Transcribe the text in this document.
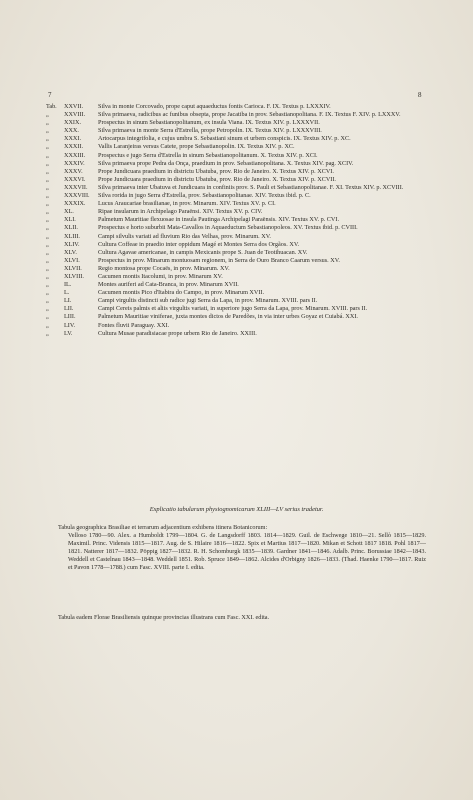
7	8
Tab.	XXVII.	Silva in monte Corcovado, prope caput aquaeductus fontis Carioca. F. IX. Textus p. LXXXIV.
„	XXVIII.	Silva primaeva, radicibus ac funibus obsepta, prope Jacatiba in prov. Sebastianopolitana. F. IX. Textus F. XIV. p. LXXXV.
„	XXIX.	Prospectus in sinum Sebastianopolitanum, ex insula Viana. IX. Textus XIV. p. LXXXVII.
„	XXX.	Silva primaeva in monte Serra d'Estrella, prope Petropolin. IX. Textus XIV. p. LXXXVIII.
„	XXXI.	Artocarpus integrifolia, e cujus umbra S. Sebastiani sinum et urbem conspicis. IX. Textus XIV. p. XC.
„	XXXII.	Vallis Laranjeiras versus Catete, prope Sebastianopolin. IX. Textus XIV. p. XC.
„	XXXIII.	Prospectus e jugo Serra d'Estrella in sinum Sebastianopolitanum. X. Textus XIV. p. XCI.
„	XXXIV.	Silva primaeva prope Pedra da Onça, praedium in prov. Sebastianopolitana. X. Textus XIV. pag. XCIV.
„	XXXV.	Prope Jundicuara praedium in districtu Ubatuba, prov. Rio de Janeiro. X. Textus XIV. p. XCVI.
„	XXXVI.	Prope Jundicuara praedium in districtu Ubatuba, prov. Rio de Janeiro. X. Textus XIV. p. XCVII.
„	XXXVII.	Silva primaeva inter Ubatuva et Jundicuara in confiniis prov. S. Pauli et Sebastianopolitanae. F. XI. Textus XIV. p. XCVIII.
„	XXXVIII.	Silva rorida in jugo Serra d'Estrella, prov. Sebastianopolitanae. XIV. Textus ibid. p. C.
„	XXXIX.	Lucus Araucariae brasilianae, in prov. Minarum. XIV. Textus XV. p. CI.
„	XL.	Ripae insularum in Archipelago Paraënsi. XIV. Textus XV. p. CIV.
„	XLI.	Palmetum Mauritiae flexuosae in insula Pautinga Archipelagi Paraënsis. XIV. Textus XV. p. CVI.
„	XLII.	Prospectus e horto suburbii Mata-Cavallos in Aquaeductum Sebastianopoleos. XV. Textus ibid. p. CVIII.
„	XLIII.	Campi silvulis variati ad fluvium Rio das Velhas, prov. Minarum. XV.
„	XLIV.	Cultura Coffeae in praedio inter oppidum Magé et Montes Serra dos Orgãos. XV.
„	XLV.	Cultura Agavae americanae, in campis Mexicanis prope S. Juan de Teotihuacan. XV.
„	XLVI.	Prospectus in prov. Minarum montuosam regionem, in Serra de Ouro Branco Caarum versus. XV.
„	XLVII.	Regio montosa prope Cocaës, in prov. Minarum. XV.
„	XLVIII.	Cacumen montis Itacolumi, in prov. Minarum XV.
„	IL.	Montes auriferi ad Cata-Branca, in prov. Minarum XVII.
„	L.	Cacumen montis Pico d'Itabira do Campo, in prov. Minarum XVII.
„	LI.	Campi virgultis distincti sub radice jugi Serra da Lapa, in prov. Minarum. XVIII. pars II.
„	LII.	Campi Cereis palmis et aliis virgultis variati, in superiore jugo Serra da Lapa, prov. Minarum. XVIII. pars II.
„	LIII.	Palmetum Mauritiae viniferae, juxta montes dictos de Paredões, in via inter urbes Goyaz et Cuiabá. XXI.
„	LIV.	Fontes fluvii Paraguay. XXI.
„	LV.	Cultura Musae paradisiacae prope urbem Rio de Janeiro. XXIII.
Explicatio tabularum physiognomicarum XLIII—LV serius tradetur.
Tabula geographica Brasiliae et terrarum adjacentium exhibens itinera Botanicorum:
Velloso 1780—90. Alex. a Humboldt 1799—1804. G. de Langsdorff 1803. 1814—1829. Guil. de Eschwege 1810—21. Sellò 1815—1829. Maximil. Princ. Vidensis 1815—1817. Aug. de S. Hilaire 1816—1822. Spix et Martius 1817—1820. Mikan et Schott 1817 1818. Pohl 1817—1821. Natterer 1817—1832. Pöppig 1827—1832. R. H. Schomburgk 1835—1839. Gardner 1841—1846. Adalb. Princ. Borussiae 1842—1843. Weddell et Castelnau 1843—1848. Weddell 1851. Rob. Spruce 1849—1862. Alcides d'Orbigny 1826—1833. (Thad. Haenke 1790—1817. Ruiz et Pavon 1778—1788.) cum Fasc. XVIII. parte I. edita.
Tabula eadem Florae Brasiliensis quinque provincias illustrans cum Fasc. XXI. edita.
